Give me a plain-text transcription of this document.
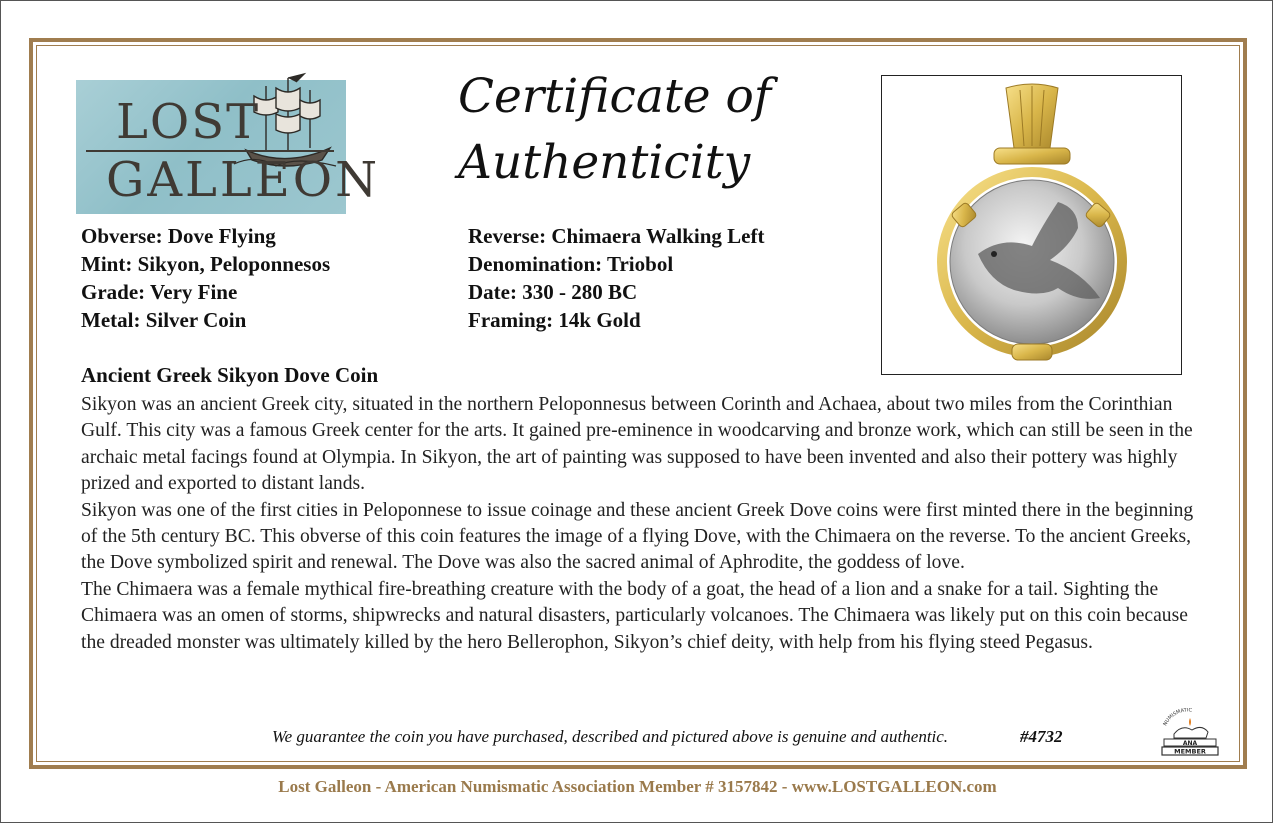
LOST
GALLEON
Certificate of
Authenticity
Obverse: Dove Flying
Mint: Sikyon, Peloponnesos
Grade: Very Fine
Metal: Silver Coin
Reverse: Chimaera Walking Left
Denomination: Triobol
Date: 330 - 280 BC
Framing: 14k Gold
Ancient Greek Sikyon Dove Coin

Sikyon was an ancient Greek city, situated in the northern Peloponnesus between Corinth and Achaea, about two miles from the Corinthian Gulf. This city was a famous Greek center for the arts. It gained pre-eminence in woodcarving and bronze work, which can still be seen in the archaic metal facings found at Olympia. In Sikyon, the art of painting was supposed to have been invented and also their pottery was highly prized and exported to distant lands.

Sikyon was one of the first cities in Peloponnese to issue coinage and these ancient Greek Dove coins were first minted there in the beginning of the 5th century BC. This obverse of this coin features the image of a flying Dove, with the Chimaera on the reverse. To the ancient Greeks, the Dove symbolized spirit and renewal. The Dove was also the sacred animal of Aphrodite, the goddess of love.

The Chimaera was a female mythical fire-breathing creature with the body of a goat, the head of a lion and a snake for a tail. Sighting the Chimaera was an omen of storms, shipwrecks and natural disasters, particularly volcanoes. The Chimaera was likely put on this coin because the dreaded monster was ultimately killed by the hero Bellerophon, Sikyon’s chief deity, with help from his flying steed Pegasus.

We guarantee the coin you have purchased, described and pictured above is genuine and authentic.	#4732
NUMISMATIC
ANA
MEMBER
Lost Galleon - American Numismatic Association Member # 3157842 - www.LOSTGALLEON.com
